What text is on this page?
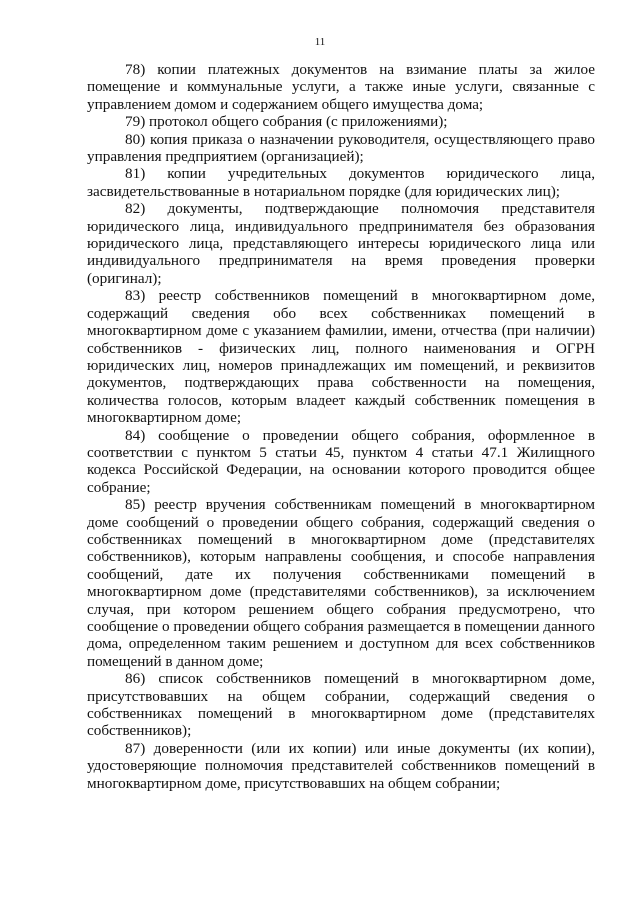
11

78) копии платежных документов на взимание платы за жилое помещение и коммунальные услуги, а также иные услуги, связанные с управлением домом и содержанием общего имущества дома;

79) протокол общего собрания (с приложениями);

80) копия приказа о назначении руководителя, осуществляющего право управления предприятием (организацией);

81) копии учредительных документов юридического лица, засвидетельствованные в нотариальном порядке (для юридических лиц);

82) документы, подтверждающие полномочия представителя юридического лица, индивидуального предпринимателя без образования юридического лица, представляющего интересы юридического лица или индивидуального предпринимателя на время проведения проверки (оригинал);

83) реестр собственников помещений в многоквартирном доме, содержащий сведения обо всех собственниках помещений в многоквартирном доме с указанием фамилии, имени, отчества (при наличии) собственников - физических лиц, полного наименования и ОГРН юридических лиц, номеров принадлежащих им помещений, и реквизитов документов, подтверждающих права собственности на помещения, количества голосов, которым владеет каждый собственник помещения в многоквартирном доме;

84) сообщение о проведении общего собрания, оформленное в соответствии с пунктом 5 статьи 45, пунктом 4 статьи 47.1 Жилищного кодекса Российской Федерации, на основании которого проводится общее собрание;

85) реестр вручения собственникам помещений в многоквартирном доме сообщений о проведении общего собрания, содержащий сведения о собственниках помещений в многоквартирном доме (представителях собственников), которым направлены сообщения, и способе направления сообщений, дате их получения собственниками помещений в многоквартирном доме (представителями собственников), за исключением случая, при котором решением общего собрания предусмотрено, что сообщение о проведении общего собрания размещается в помещении данного дома, определенном таким решением и доступном для всех собственников помещений в данном доме;

86) список собственников помещений в многоквартирном доме, присутствовавших на общем собрании, содержащий сведения о собственниках помещений в многоквартирном доме (представителях собственников);

87) доверенности (или их копии) или иные документы (их копии), удостоверяющие полномочия представителей собственников помещений в многоквартирном доме, присутствовавших на общем собрании;
